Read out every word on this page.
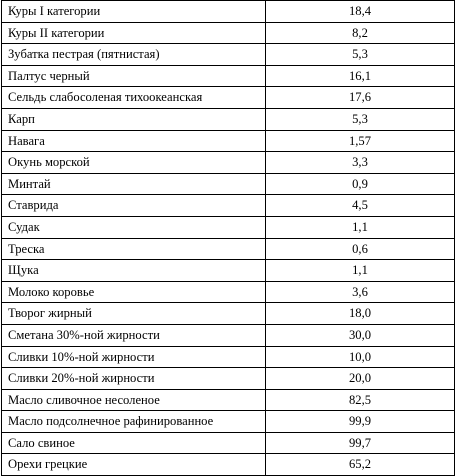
Куры I категории	18,4
Куры II категории	8,2
Зубатка пестрая (пятнистая)	5,3
Палтус черный	16,1
Сельдь слабосоленая тихоокеанская	17,6
Карп	5,3
Навага	1,57
Окунь морской	3,3
Минтай	0,9
Ставрида	4,5
Судак	1,1
Треска	0,6
Щука	1,1
Молоко коровье	3,6
Творог жирный	18,0
Сметана 30%-ной жирности	30,0
Сливки 10%-ной жирности	10,0
Сливки 20%-ной жирности	20,0
Масло сливочное несоленое	82,5
Масло подсолнечное рафинированное	99,9
Сало свиное	99,7
Орехи грецкие	65,2
